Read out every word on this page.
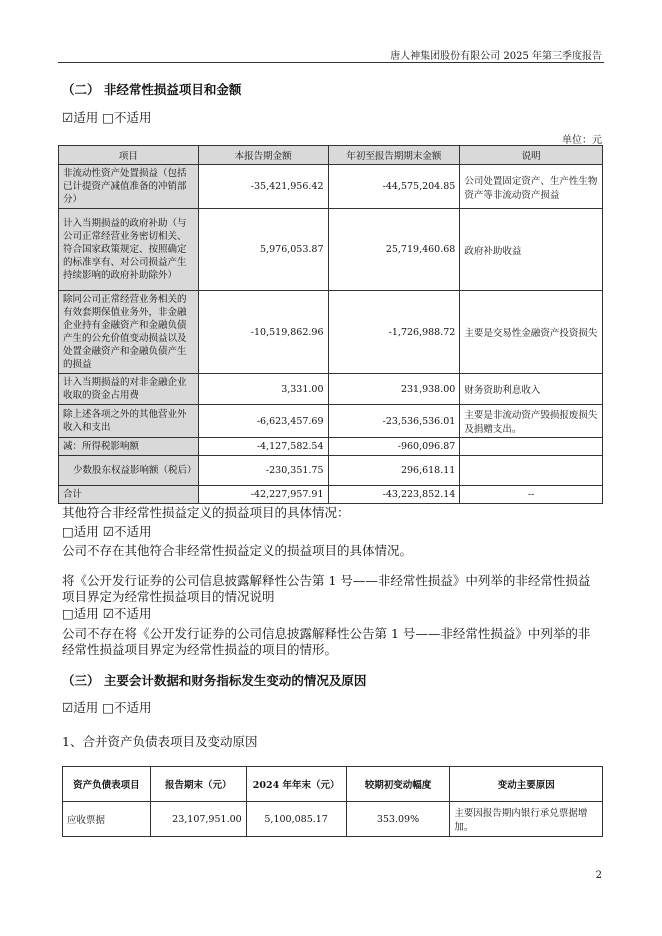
唐人神集团股份有限公司 2025 年第三季度报告
（二） 非经常性损益项目和金额
☑适用 □不适用
单位：元
项目	本报告期金额	年初至报告期期末金额	说明
非流动性资产处置损益（包括已计提资产减值准备的冲销部分）	-35,421,956.42	-44,575,204.85	公司处置固定资产、生产性生物资产等非流动资产损益
计入当期损益的政府补助（与公司正常经营业务密切相关、符合国家政策规定、按照确定的标准享有、对公司损益产生持续影响的政府补助除外）	5,976,053.87	25,719,460.68	政府补助收益
除同公司正常经营业务相关的有效套期保值业务外，非金融企业持有金融资产和金融负债产生的公允价值变动损益以及处置金融资产和金融负债产生的损益	-10,519,862.96	-1,726,988.72	主要是交易性金融资产投资损失
计入当期损益的对非金融企业收取的资金占用费	3,331.00	231,938.00	财务资助利息收入
除上述各项之外的其他营业外收入和支出	-6,623,457.69	-23,536,536.01	主要是非流动资产毁损报废损失及捐赠支出。
减：所得税影响额	-4,127,582.54	-960,096.87	
少数股东权益影响额（税后）	-230,351.75	296,618.11	
合计	-42,227,957.91	-43,223,852.14	--
其他符合非经常性损益定义的损益项目的具体情况：
□适用 ☑不适用
公司不存在其他符合非经常性损益定义的损益项目的具体情况。
将《公开发行证券的公司信息披露解释性公告第 1 号——非经常性损益》中列举的非经常性损益项目界定为经常性损益项目的情况说明
□适用 ☑不适用
公司不存在将《公开发行证券的公司信息披露解释性公告第 1 号——非经常性损益》中列举的非经常性损益项目界定为经常性损益的项目的情形。
（三） 主要会计数据和财务指标发生变动的情况及原因
☑适用 □不适用
1、合并资产负债表项目及变动原因
资产负债表项目	报告期末（元）	2024 年年末（元）	较期初变动幅度	变动主要原因
应收票据	23,107,951.00	5,100,085.17	353.09%	主要因报告期内银行承兑票据增加。
2
